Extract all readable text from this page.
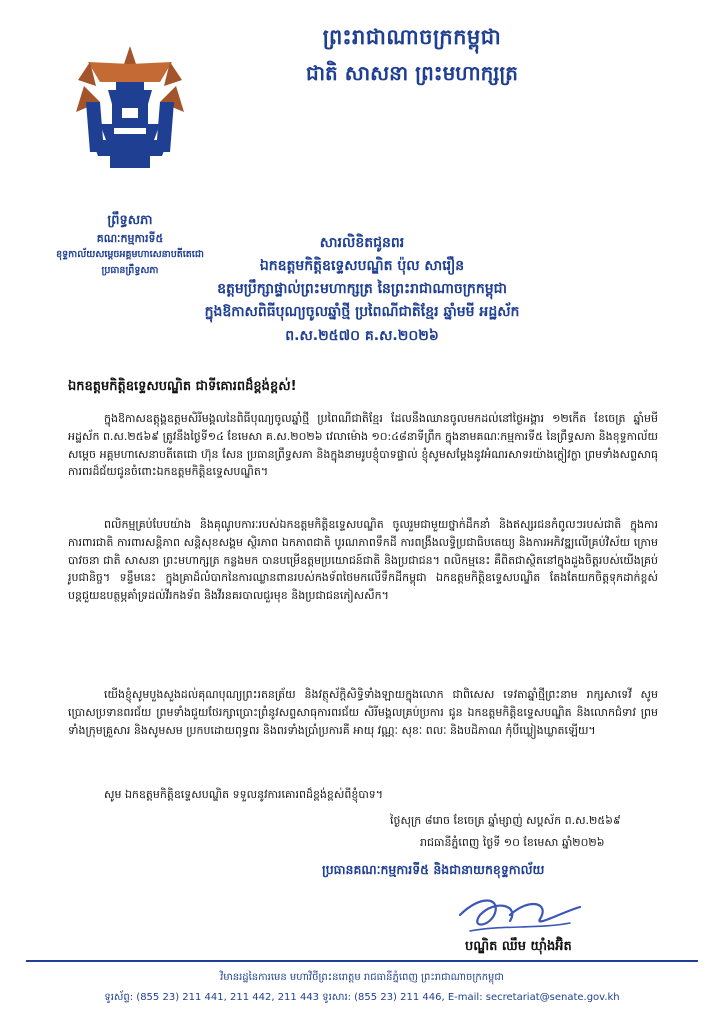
ព្រះរាជាណាចក្រកម្ពុជា
ជាតិ សាសនា ព្រះមហាក្សត្រ
ព្រឹទ្ធសភា
គណៈកម្មការទី៥
ខុទ្ទកាល័យសម្តេចអគ្គមហាសេនាបតីតេជោ
ប្រធានព្រឹទ្ធសភា
សារលិខិតជូនពរ
ឯកឧត្តមកិត្តិឧទ្ទេសបណ្ឌិត ប៉ុល សារឿន
ឧត្តមប្រឹក្សាផ្ទាល់ព្រះមហាក្សត្រ នៃព្រះរាជាណាចក្រកម្ពុជា
ក្នុងឱកាសពិធីបុណ្យចូលឆ្នាំថ្មី ប្រពៃណីជាតិខ្មែរ ឆ្នាំមមី អដ្ឋស័ក
ព.ស.២៥៧០ គ.ស.២០២៦
ឯកឧត្តមកិត្តិឧទ្ទេសបណ្ឌិត ជាទីគោរពដ៏ខ្ពង់ខ្ពស់!
ក្នុងឱកាសឧត្តុង្គឧត្តមសិរីមង្គលនៃពិធីបុណ្យចូលឆ្នាំថ្មី ប្រពៃណីជាតិខ្មែរ ដែលនឹងឈានចូលមកដល់នៅថ្ងៃអង្គារ ១២កើត ខែចេត្រ ឆ្នាំមមី អដ្ឋស័ក ព.ស.២៥៦៩ ត្រូវនឹងថ្ងៃទី១៤ ខែមេសា គ.ស.២០២៦ វេលាម៉ោង ១០:៤៨នាទីព្រឹក ក្នុងនាមគណៈកម្មការទី៥ នៃព្រឹទ្ធសភា និងខុទ្ទកាល័យសម្តេច អគ្គមហាសេនាបតីតេជោ ហ៊ុន សែន ប្រធានព្រឹទ្ធសភា និងក្នុងនាមរូបខ្ញុំបាទផ្ទាល់ ខ្ញុំសូមសម្តែងនូវអំណរសាទរយ៉ាងក្លៀវក្លា ព្រមទាំងសព្ទសាធុការពរដ៏ជ័យជូនចំពោះឯកឧត្តមកិត្តិឧទ្ទេសបណ្ឌិត។
ពលិកម្មគ្រប់បែបយ៉ាង និងគុណូបការៈរបស់ឯកឧត្តមកិត្តិឧទ្ទេសបណ្ឌិត ចូលរួមជាមួយថ្នាក់ដឹកនាំ និងឥស្សរជនកំពូលៗរបស់ជាតិ ក្នុងការការពារជាតិ ការពារសន្តិភាព សន្តិសុខសង្គម ស្ថិរភាព ឯកភាពជាតិ បូរណភាពទឹកដី ការពង្រឹងលទ្ធិប្រជាធិបតេយ្យ និងការអភិវឌ្ឍលើគ្រប់វិស័យ ក្រោមបាវចនា ជាតិ សាសនា ព្រះមហាក្សត្រ កន្លងមក បានបម្រើឧត្តមប្រយោជន៍ជាតិ និងប្រជាជន។ ពលិកម្មនេះ គឺពិតជាស្ថិតនៅក្នុងដួងចិត្តរបស់យើងគ្រប់រូបជានិច្ច។ ទន្ទឹមនេះ ក្នុងគ្រាដ៏លំបាកនៃការឈ្លានពានរបស់កងទ័ពថៃមកលើទឹកដីកម្ពុជា ឯកឧត្តមកិត្តិឧទ្ទេសបណ្ឌិត តែងតែយកចិត្តទុកដាក់ខ្ពស់បន្តជួយឧបត្ថម្ភគាំទ្រដល់វីរកងទ័ព និងវីរនគរបាលជួរមុខ និងប្រជាជនភៀសសឹក។
យើងខ្ញុំសូមបួងសួងដល់គុណបុណ្យព្រះរតនត្រ័យ និងវត្ថុស័ក្តិសិទ្ធិទាំងឡាយក្នុងលោក ជាពិសេស ទេវតាឆ្នាំថ្មីព្រះនាម រាក្សសាទេវី សូមប្រោសប្រទានពរជ័យ ព្រមទាំងជួយថែរក្សាប្រោះព្រំនូវសព្ទសាធុការពរជ័យ សិរីមង្គលគ្រប់ប្រការ ជូន ឯកឧត្តមកិត្តិឧទ្ទេសបណ្ឌិត និងលោកជំទាវ ព្រមទាំងក្រុមគ្រួសារ និងសូមសម ប្រកបដោយពុទ្ធពរ និងពរទាំងប្រាំប្រការគឺ អាយុ វណ្ណៈ សុខៈ ពលៈ និងបដិភាណ កុំបីឃ្លៀងឃ្លាតឡើយ។
សូម ឯកឧត្តមកិត្តិឧទ្ទេសបណ្ឌិត ទទួលនូវការគោរពដ៏ខ្ពង់ខ្ពស់ពីខ្ញុំបាទ។
ថ្ងៃសុក្រ ៨រោច ខែចេត្រ ឆ្នាំម្សាញ់ សប្តស័ក ព.ស.២៥៦៩
រាជធានីភ្នំពេញ ថ្ងៃទី ១០ ខែមេសា ឆ្នាំ២០២៦
ប្រធានគណៈកម្មការទី៥ និងជានាយកខុទ្ទកាល័យ
បណ្ឌិត ឈឹម យ៉ាំងអ៊ិត
វិមានរដ្ឋនៃការមេន មហាវិថីព្រះនរោត្តម រាជធានីភ្នំពេញ ព្រះរាជាណាចក្រកម្ពុជា
ទូរស័ព្ទ: (855 23) 211 441, 211 442, 211 443 ទូរសារ: (855 23) 211 446, E-mail: secretariat@senate.gov.kh
